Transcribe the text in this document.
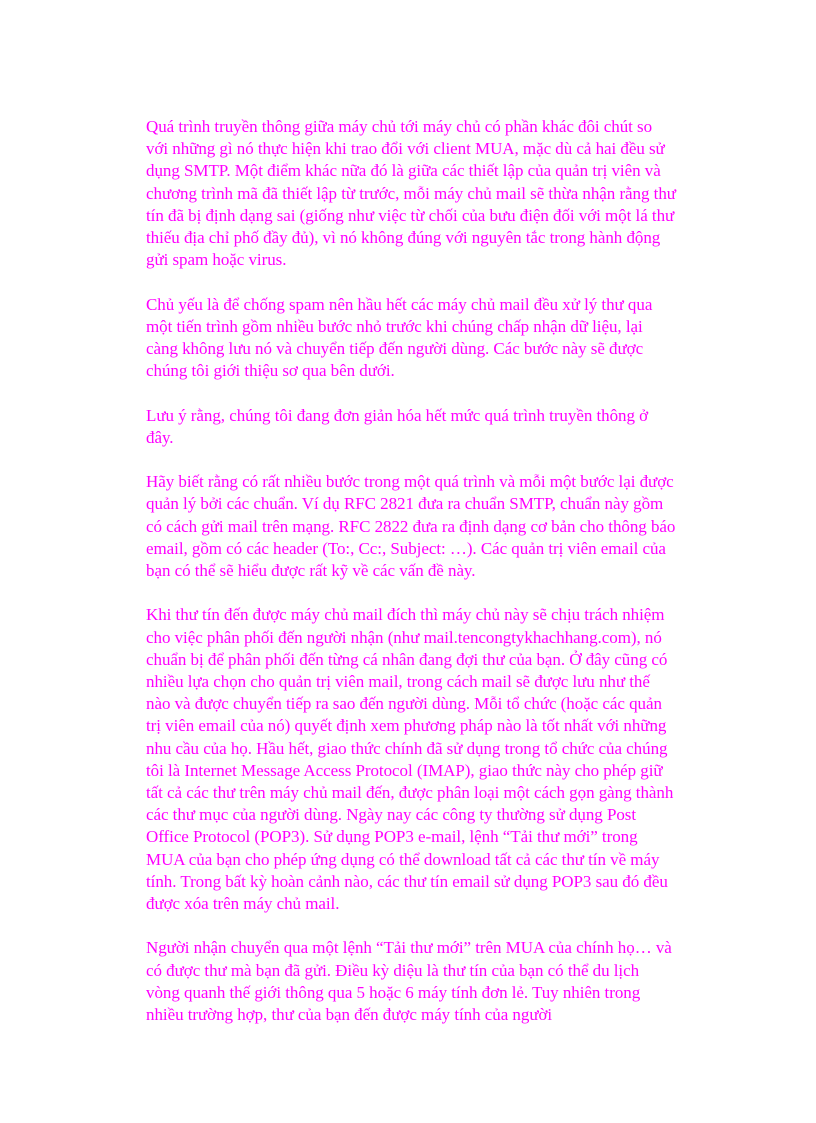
Quá trình truyền thông giữa máy chủ tới máy chủ có phần khác đôi chút so với những gì nó thực hiện khi trao đổi với client MUA, mặc dù cả hai đều sử dụng SMTP. Một điểm khác nữa đó là giữa các thiết lập của quản trị viên và chương trình mã đã thiết lập từ trước, mỗi máy chủ mail sẽ thừa nhận rằng thư tín đã bị định dạng sai (giống như việc từ chối của bưu điện đối với một lá thư thiếu địa chỉ phố đầy đủ), vì nó không đúng với nguyên tắc trong hành động gửi spam hoặc virus.

Chủ yếu là để chống spam nên hầu hết các máy chủ mail đều xử lý thư qua một tiến trình gồm nhiều bước nhỏ trước khi chúng chấp nhận dữ liệu, lại càng không lưu nó và chuyển tiếp đến người dùng. Các bước này sẽ được chúng tôi giới thiệu sơ qua bên dưới.

Lưu ý rằng, chúng tôi đang đơn giản hóa hết mức quá trình truyền thông ở đây.

Hãy biết rằng có rất nhiều bước trong một quá trình và mỗi một bước lại được quản lý bởi các chuẩn. Ví dụ RFC 2821 đưa ra chuẩn SMTP, chuẩn này gồm có cách gửi mail trên mạng. RFC 2822 đưa ra định dạng cơ bản cho thông báo email, gồm có các header (To:, Cc:, Subject: …). Các quản trị viên email của bạn có thể sẽ hiểu được rất kỹ về các vấn đề này.

Khi thư tín đến được máy chủ mail đích thì máy chủ này sẽ chịu trách nhiệm cho việc phân phối đến người nhận (như mail.tencongtykhachhang.com), nó chuẩn bị để phân phối đến từng cá nhân đang đợi thư của bạn. Ở đây cũng có nhiều lựa chọn cho quản trị viên mail, trong cách mail sẽ được lưu như thế nào và được chuyển tiếp ra sao đến người dùng. Mỗi tổ chức (hoặc các quản trị viên email của nó) quyết định xem phương pháp nào là tốt nhất với những nhu cầu của họ. Hầu hết, giao thức chính đã sử dụng trong tổ chức của chúng tôi là Internet Message Access Protocol (IMAP), giao thức này cho phép giữ tất cả các thư trên máy chủ mail đến, được phân loại một cách gọn gàng thành các thư mục của người dùng. Ngày nay các công ty thường sử dụng Post Office Protocol (POP3). Sử dụng POP3 e-mail, lệnh “Tải thư mới” trong MUA của bạn cho phép ứng dụng có thể download tất cả các thư tín về máy tính. Trong bất kỳ hoàn cảnh nào, các thư tín email sử dụng POP3 sau đó đều được xóa trên máy chủ mail.

Người nhận chuyển qua một lệnh “Tải thư mới” trên MUA của chính họ… và có được thư mà bạn đã gửi. Điều kỳ diệu là thư tín của bạn có thể du lịch vòng quanh thế giới thông qua 5 hoặc 6 máy tính đơn lẻ. Tuy nhiên trong nhiều trường hợp, thư của bạn đến được máy tính của người
